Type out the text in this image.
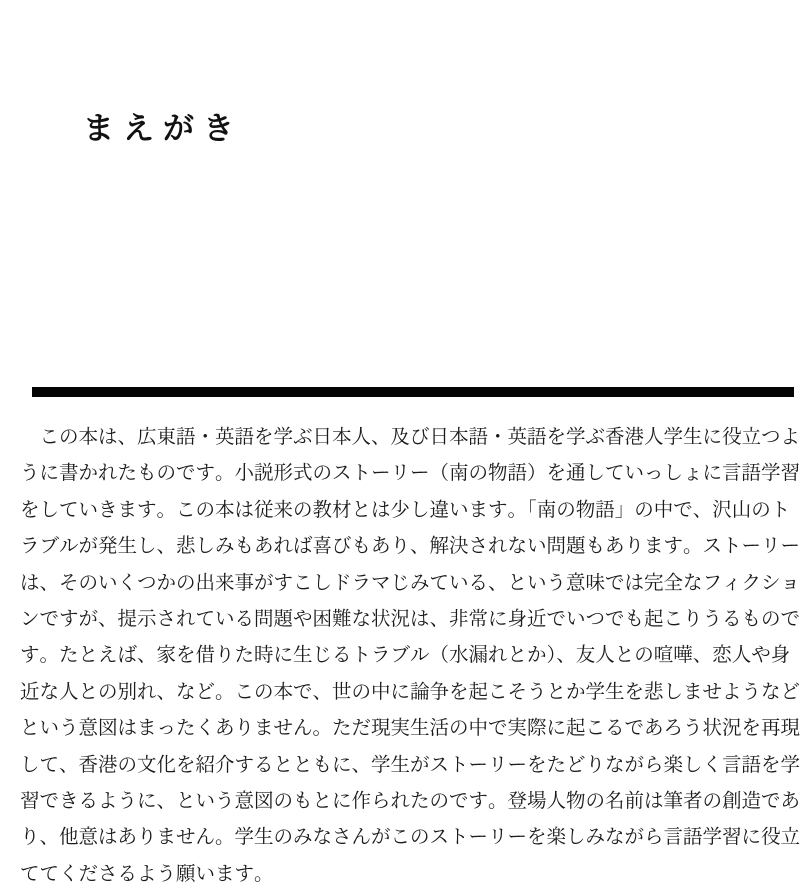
まえがき
　この本は、広東語・英語を学ぶ日本人、及び日本語・英語を学ぶ香港人学生に役立つよ
うに書かれたものです。小説形式のストーリー（南の物語）を通していっしょに言語学習
をしていきます。この本は従来の教材とは少し違います。「南の物語」の中で、沢山のト
ラブルが発生し、悲しみもあれば喜びもあり、解決されない問題もあります。ストーリー
は、そのいくつかの出来事がすこしドラマじみている、という意味では完全なフィクショ
ンですが、提示されている問題や困難な状況は、非常に身近でいつでも起こりうるもので
す。たとえば、家を借りた時に生じるトラブル（水漏れとか）、友人との喧嘩、恋人や身
近な人との別れ、など。この本で、世の中に論争を起こそうとか学生を悲しませようなど
という意図はまったくありません。ただ現実生活の中で実際に起こるであろう状況を再現
して、香港の文化を紹介するとともに、学生がストーリーをたどりながら楽しく言語を学
習できるように、という意図のもとに作られたのです。登場人物の名前は筆者の創造であ
り、他意はありません。学生のみなさんがこのストーリーを楽しみながら言語学習に役立
ててくださるよう願います。
